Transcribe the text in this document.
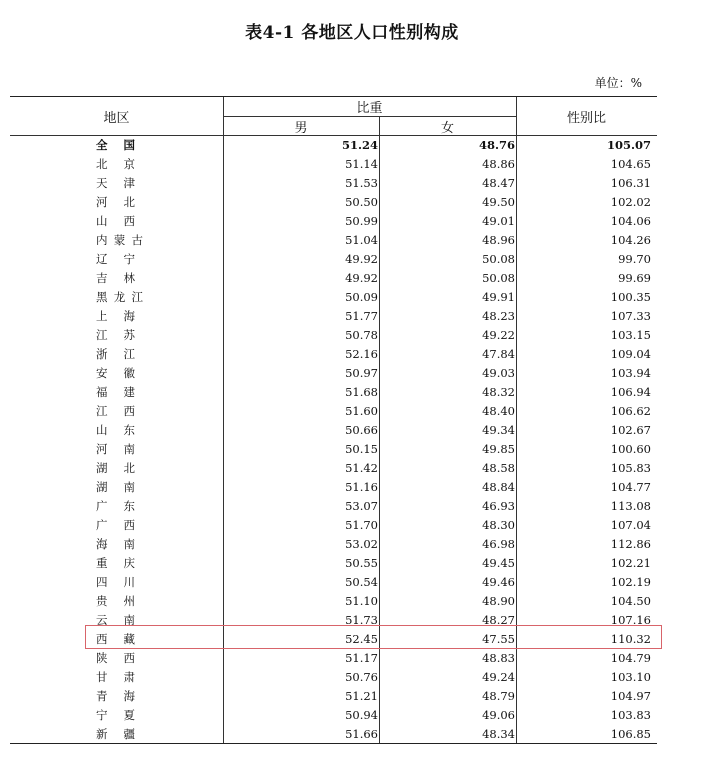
表4-1 各地区人口性别构成
单位：%
地区
比重
男	女
性别比
全国	51.24	48.76	105.07
北京	51.14	48.86	104.65
天津	51.53	48.47	106.31
河北	50.50	49.50	102.02
山西	50.99	49.01	104.06
内蒙古	51.04	48.96	104.26
辽宁	49.92	50.08	99.70
吉林	49.92	50.08	99.69
黑龙江	50.09	49.91	100.35
上海	51.77	48.23	107.33
江苏	50.78	49.22	103.15
浙江	52.16	47.84	109.04
安徽	50.97	49.03	103.94
福建	51.68	48.32	106.94
江西	51.60	48.40	106.62
山东	50.66	49.34	102.67
河南	50.15	49.85	100.60
湖北	51.42	48.58	105.83
湖南	51.16	48.84	104.77
广东	53.07	46.93	113.08
广西	51.70	48.30	107.04
海南	53.02	46.98	112.86
重庆	50.55	49.45	102.21
四川	50.54	49.46	102.19
贵州	51.10	48.90	104.50
云南	51.73	48.27	107.16
西藏	52.45	47.55	110.32
陕西	51.17	48.83	104.79
甘肃	50.76	49.24	103.10
青海	51.21	48.79	104.97
宁夏	50.94	49.06	103.83
新疆	51.66	48.34	106.85
